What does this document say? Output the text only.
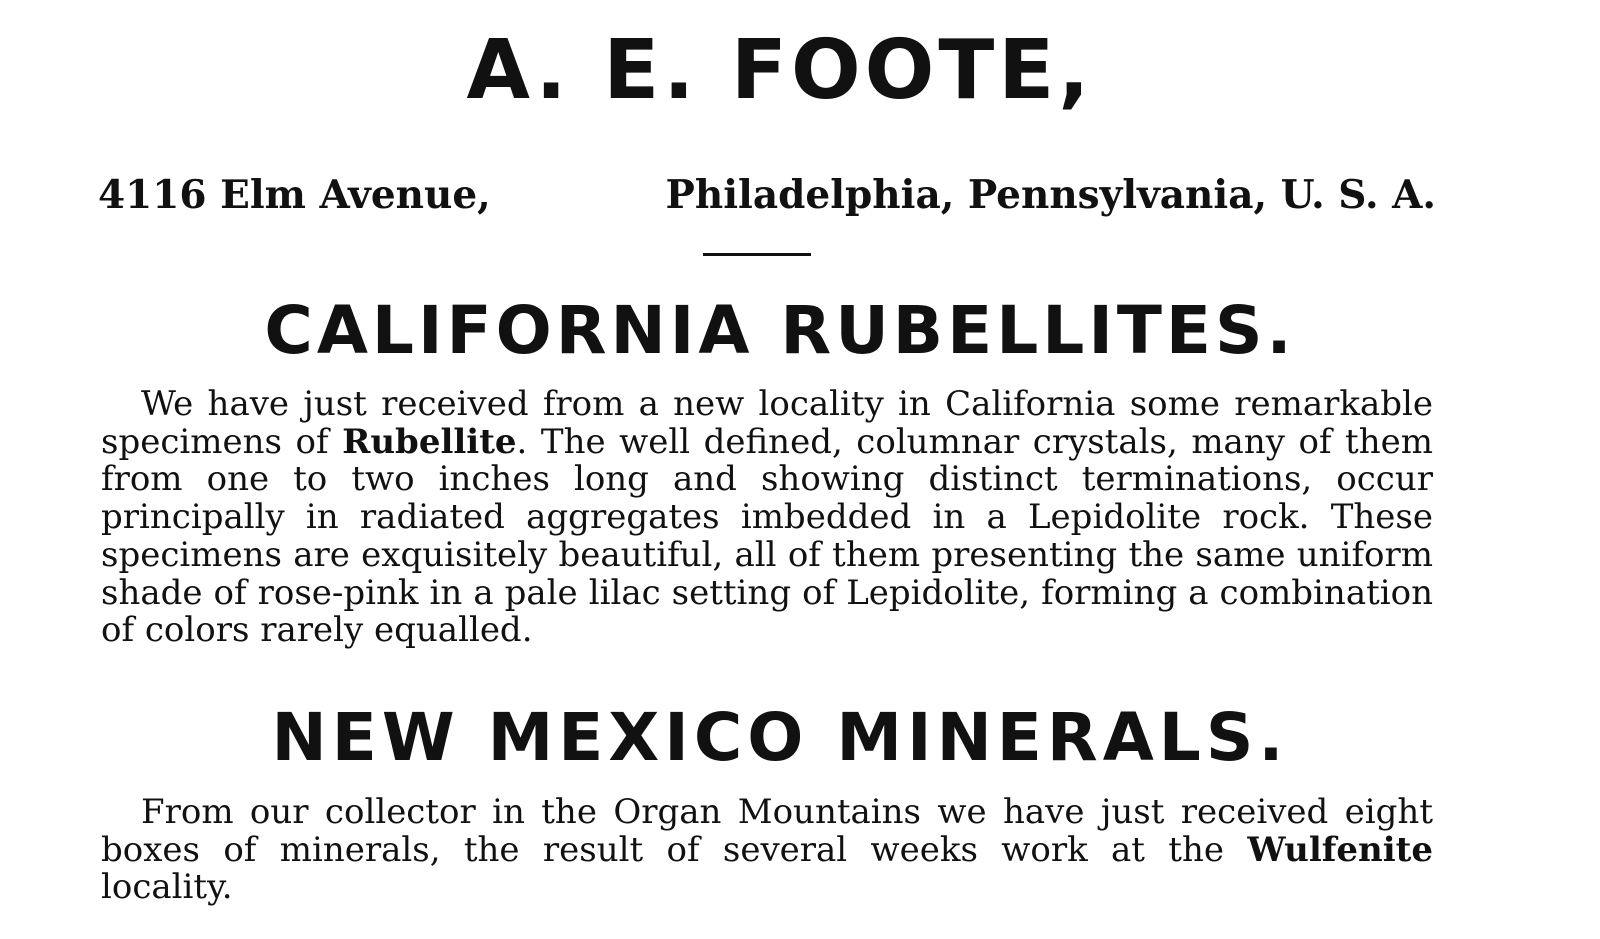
A. E. FOOTE,
4116 Elm Avenue,	Philadelphia, Pennsylvania, U. S. A.
CALIFORNIA RUBELLITES.

We have just received from a new locality in California some remarkable specimens of Rubellite. The well defined, columnar crystals, many of them from one to two inches long and showing distinct terminations, occur principally in radiated aggregates imbedded in a Lepidolite rock. These specimens are exquisitely beautiful, all of them presenting the same uniform shade of rose-pink in a pale lilac setting of Lepidolite, forming a combination of colors rarely equalled.

NEW MEXICO MINERALS.

From our collector in the Organ Mountains we have just received eight boxes of minerals, the result of several weeks work at the Wulfenite locality.
